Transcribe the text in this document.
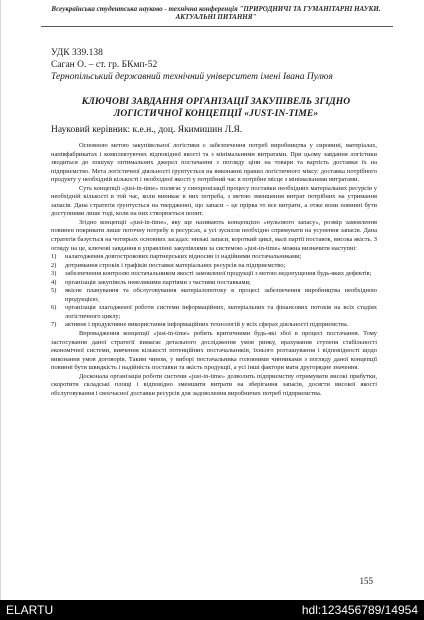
Всеукраїнська студентська науково - технічна конференція "ПРИРОДНИЧІ ТА ГУМАНІТАРНІ НАУКИ.
АКТУАЛЬНІ ПИТАННЯ"
УДК 339.138
Саган О. – ст. гр. БКмп-52
Тернопільський державний технічний університет імені Івана Пулюя
КЛЮЧОВІ ЗАВДАННЯ ОРГАНІЗАЦІЇ ЗАКУПІВЕЛЬ ЗГІДНО
ЛОГІСТИЧНОЇ КОНЦЕПЦІЇ «JUST-IN-TIME»
Науковий керівник: к.е.н., доц. Якимишин Л.Я.

Основною метою закупівельної логістики є забезпечення потреб виробництва у сировині, матеріалах, напівфабрикатах і комплектуючих відповідної якості та з мінімальними витратами. При цьому завдання логістики зводиться до пошуку оптимальних джерел постачання з погляду ціни на товари та вартість доставки їх на підприємство. Мета логістичної діяльності ґрунтується на виконанні правил логістичного міксу: доставка потрібного продукту у необхідній кількості і необхідної якості у потрібний час в потрібне місце з мінімальними витратами.

Суть концепції «just-in-time» полягає у синхронізації процесу поставки необхідних матеріальних ресурсів у необхідній кількості в той час, коли виникає в них потреба, з метою зменшення витрат потрібних на утримання запасів. Дана стратегія ґрунтується на твердженні, що запаси – це прірва то все витрати, а отже вони повинні бути доступними лише тоді, коли на них створюється попит.

Згідно концепції «just-in-time», яку ще називають концепцією «нульового запасу», розмір замовлення повинен покривати лише поточну потребу в ресурсах, а усі зусилля необхідно спрямувати на усунення запасів. Дана стратегія базується на чотирьох основних засадах: низькі запаси, короткий цикл, малі партії поставок, висока якість. З огляду на це, ключові завдання в управлінні закупівлями за системою «just-in-time» можна визначити наступні:

1)	налагодження довгострокових партнерських відносин із надійними постачальниками;
2)	дотримання строків і графіків поставки матеріальних ресурсів на підприємство;
3)	забезпечення контролю постачальником якості замовленої продукції з метою недопущення будь-яких дефектів;
4)	організація закупівель невеликими партіями з частими поставками;
5)	якісне планування та обслуговування матеріалопотоку в процесі забезпечення виробництва необхідною продукцією;
6)	організація злагодженої роботи системи інформаційних, матеріальних та фінансових потоків на всіх стадіях логістичного циклу;
7)	активне і продуктивне використання інформаційних технологій у всіх сферах діяльності підприємства.

Впровадження концепції «just-in-time» робить критичними будь-які збої в процесі постачання. Тому застосування даної стратегії вимагає детального дослідження умов ринку, врахування ступеня стабільності економічної системи, вивчення кількості потенційних постачальників, їхнього розташування і відповідності щодо виконання умов договорів. Таким чином, у виборі постачальника головними чинниками з погляду даної концепції повинні бути швидкість і надійність поставки та якість продукції, а усі інші фактори мати другорядне значення.

Досконала організація роботи системи «just-in-time» дозволить підприємству отримувати високі прибутки, скоротити складські площі і відповідно зменшити витрати на зберігання запасів, досягти високої якості обслуговування і своєчасної доставки ресурсів для задоволення виробничих потреб підприємства.

155
ELARTU	hdl:123456789/14954
